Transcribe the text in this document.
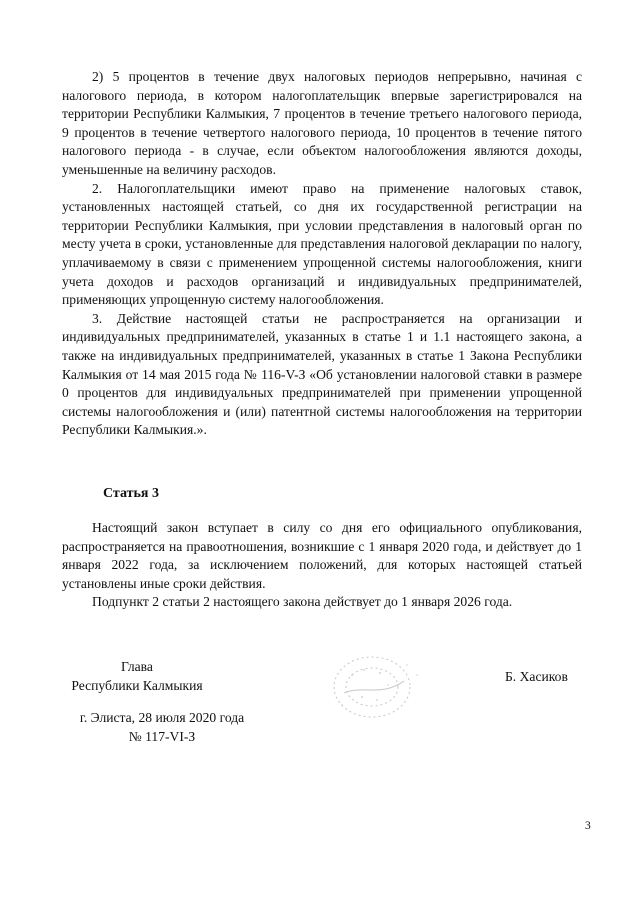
2) 5 процентов в течение двух налоговых периодов непрерывно, начиная с налогового периода, в котором налогоплательщик впервые зарегистрировался на территории Республики Калмыкия, 7 процентов в течение третьего налогового периода, 9 процентов в течение четвертого налогового периода, 10 процентов в течение пятого налогового периода - в случае, если объектом налогообложения являются доходы, уменьшенные на величину расходов.

2. Налогоплательщики имеют право на применение налоговых ставок, установленных настоящей статьей, со дня их государственной регистрации на территории Республики Калмыкия, при условии представления в налоговый орган по месту учета в сроки, установленные для представления налоговой декларации по налогу, уплачиваемому в связи с применением упрощенной системы налогообложения, книги учета доходов и расходов организаций и индивидуальных предпринимателей, применяющих упрощенную систему налогообложения.

3. Действие настоящей статьи не распространяется на организации и индивидуальных предпринимателей, указанных в статье 1 и 1.1 настоящего закона, а также на индивидуальных предпринимателей, указанных в статье 1 Закона Республики Калмыкия от 14 мая 2015 года № 116-V-З «Об установлении налоговой ставки в размере 0 процентов для индивидуальных предпринимателей при применении упрощенной системы налогообложения и (или) патентной системы налогообложения на территории Республики Калмыкия.».

Статья 3

Настоящий закон вступает в силу со дня его официального опубликования, распространяется на правоотношения, возникшие с 1 января 2020 года, и действует до 1 января 2022 года, за исключением положений, для которых настоящей статьей установлены иные сроки действия.

Подпункт 2 статьи 2 настоящего закона действует до 1 января 2026 года.

Глава
Республики Калмыкия
Б. Хасиков
г. Элиста, 28 июля 2020 года
№ 117-VI-З
3
